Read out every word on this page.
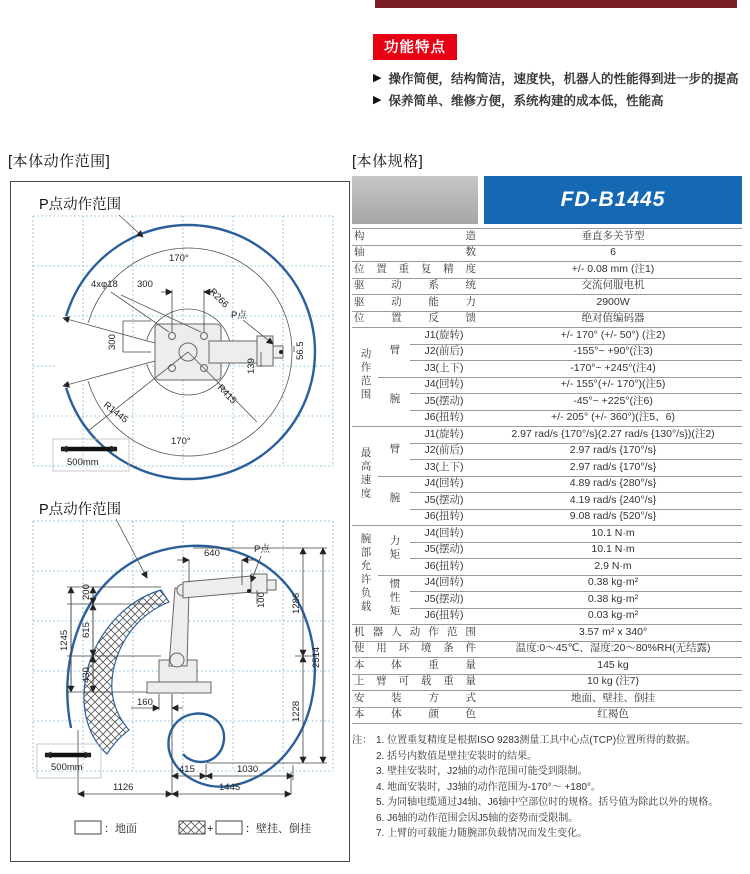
功能特点
▶ 操作简便，结构简洁，速度快，机器人的性能得到进一步的提高
▶ 保养简单、维修方便，系统构建的成本低，性能高
[本体动作范围]
P点动作范围
170°
4xφ18 300
R266
P点
56.5
300
139
R1445
R415
170°
500mm
P点动作范围
640	P点
100
200
615
430
1245
1286
1228
2514
160
415	1030
1126	1445
500mm
：地面	+	：壁挂、倒挂
[本体规格]
FD-B1445
构造				垂直多关节型

轴数				6

位置重复精度				+/- 0.08 mm (注1)

驱动系统				交流伺服电机

驱动能力				2900W

位置反馈				绝对值编码器
动作范围	臂	J1(旋转)		+/- 170° (+/- 50°) (注2)
		J2(前后)		-155°~ +90°(注3)
		J3(上下)		-170°~ +245°(注4)
	腕	J4(回转)		+/- 155°(+/- 170°)(注5)
		J5(摆动)		-45°~ +225°(注6)
		J6(扭转)		+/- 205° (+/- 360°)(注5、6)
最高速度	臂	J1(旋转)		2.97 rad/s {170°/s}(2.27 rad/s {130°/s})(注2)
		J2(前后)		2.97 rad/s {170°/s}
		J3(上下)		2.97 rad/s {170°/s}
	腕	J4(回转)		4.89 rad/s {280°/s}
		J5(摆动)		4.19 rad/s {240°/s}
		J6(扭转)		9.08 rad/s {520°/s}
腕部允许负载	力矩	J4(回转)		10.1 N·m
		J5(摆动)		10.1 N·m
		J6(扭转)		2.9 N·m
	惯性矩	J4(回转)		0.38 kg·m²
		J5(摆动)		0.38 kg·m²
		J6(扭转)		0.03 kg·m²

机器人动作范围				3.57 m² x 340°

使用环境条件				温度:0～45℃、湿度:20～80%RH(无结露)

本体重量				145 kg

上臂可载重量				10 kg (注7)

安装方式				地面、壁挂、倒挂

本体颜色				红褐色
注： 1. 位置重复精度是根据ISO 9283测量工具中心点(TCP)位置所得的数据。
2. 括号内数值是壁挂安装时的结果。
3. 壁挂安装时，J2轴的动作范围可能受到限制。
4. 地面安装时，J3轴的动作范围为-170°～ +180°。
5. 为同轴电缆通过J4轴、J6轴中空部位时的规格。括号值为除此以外的规格。
6. J6轴的动作范围会因J5轴的姿势而受限制。
7. 上臂的可载能力随腕部负载情况而发生变化。
